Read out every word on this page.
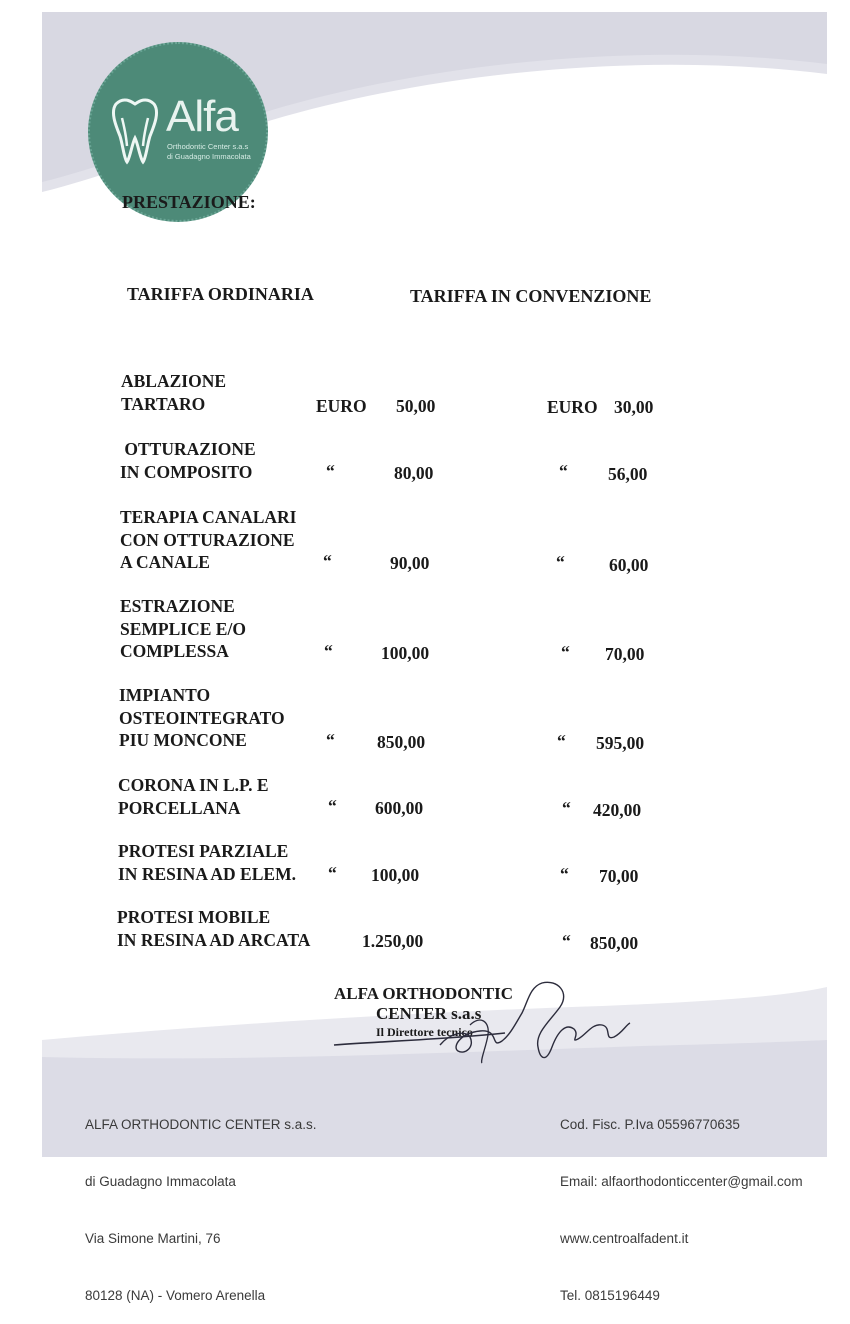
Alfa
Orthodontic Center s.a.s
di Guadagno Immacolata
PRESTAZIONE:
TARIFFA ORDINARIA	TARIFFA IN CONVENZIONE
ABLAZIONE
TARTARO	EURO 50,00	EURO 30,00
OTTURAZIONE
IN COMPOSITO	“	80,00	“ 56,00
TERAPIA CANALARI
CON OTTURAZIONE
A CANALE	“	90,00	“	60,00
ESTRAZIONE
SEMPLICE E/O
COMPLESSA	“	100,00	“ 70,00
IMPIANTO
OSTEOINTEGRATO
PIU MONCONE	“ 850,00	“ 595,00
CORONA IN L.P. E
PORCELLANA	“ 600,00	“ 420,00
PROTESI PARZIALE
IN RESINA AD ELEM.	“ 100,00	“ 70,00
PROTESI MOBILE
IN RESINA AD ARCATA	1.250,00	“ 850,00
ALFA ORTHODONTIC
CENTER s.a.s
Il Direttore tecnico

ALFA ORTHODONTIC CENTER s.a.s.

di Guadagno Immacolata

Via Simone Martini, 76

80128 (NA) - Vomero Arenella

Cod. Fisc. P.Iva 05596770635

Email: alfaorthodonticcenter@gmail.com

www.centroalfadent.it

Tel. 0815196449
